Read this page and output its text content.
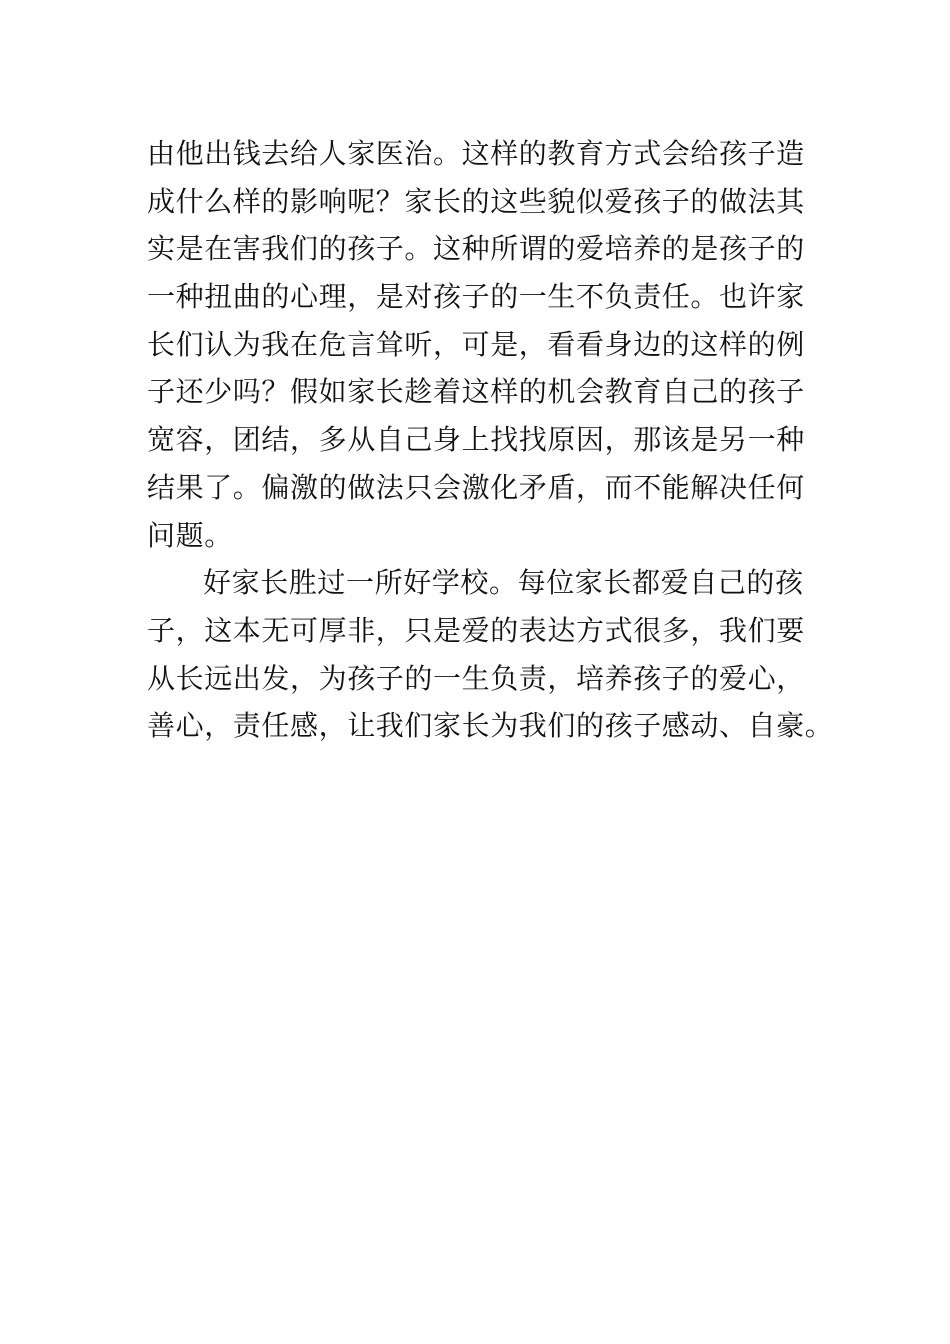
由他出钱去给人家医治。这样的教育方式会给孩子造
成什么样的影响呢？家长的这些貌似爱孩子的做法其
实是在害我们的孩子。这种所谓的爱培养的是孩子的
一种扭曲的心理，是对孩子的一生不负责任。也许家
长们认为我在危言耸听，可是，看看身边的这样的例
子还少吗？假如家长趁着这样的机会教育自己的孩子
宽容，团结，多从自己身上找找原因，那该是另一种
结果了。偏激的做法只会激化矛盾，而不能解决任何
问题。
好家长胜过一所好学校。每位家长都爱自己的孩
子，这本无可厚非，只是爱的表达方式很多，我们要
从长远出发，为孩子的一生负责，培养孩子的爱心，
善心，责任感，让我们家长为我们的孩子感动、自豪。
